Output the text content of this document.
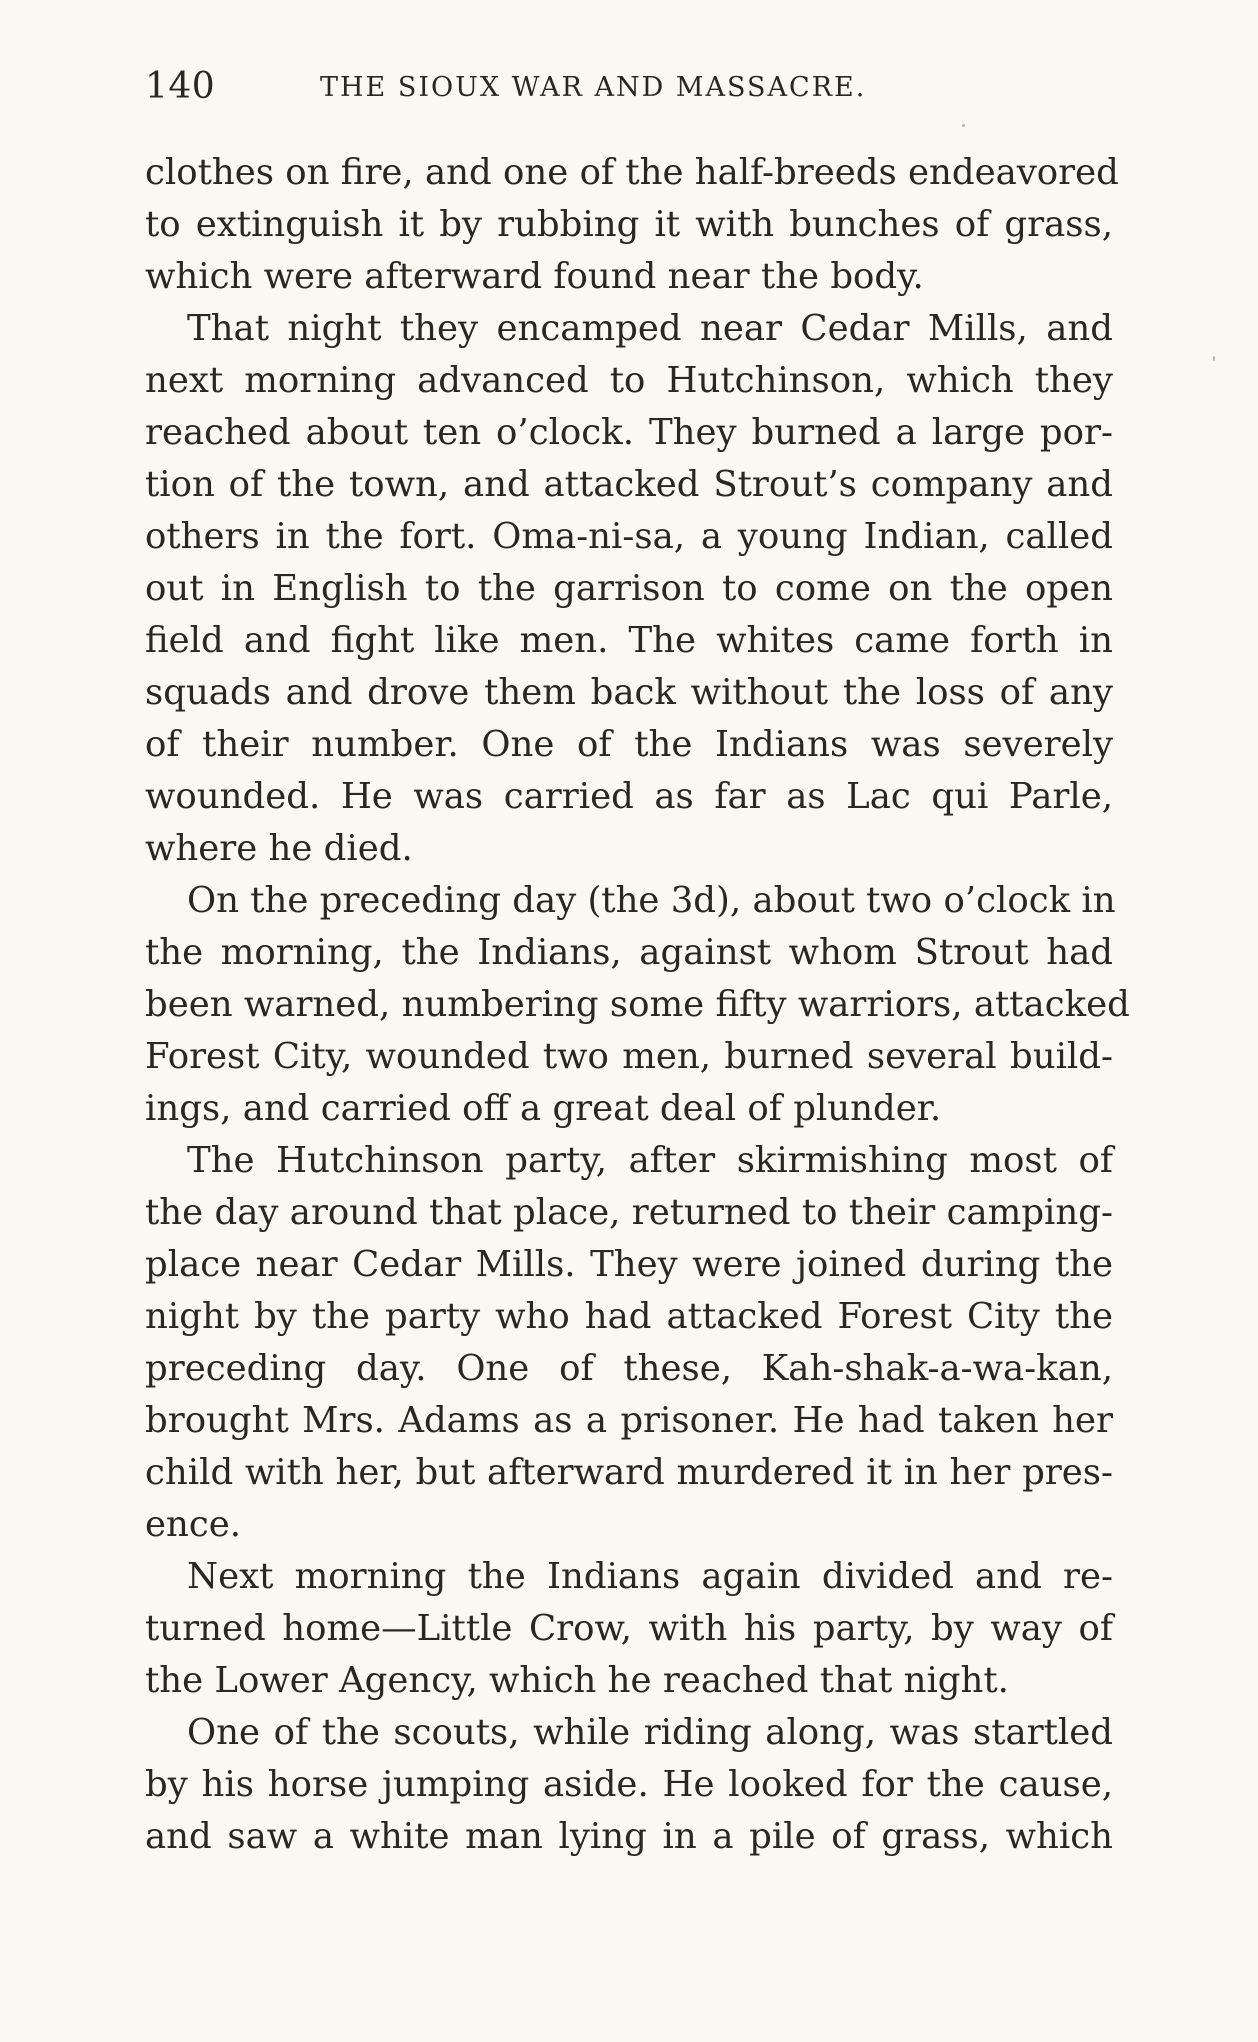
140	THE SIOUX WAR AND MASSACRE.
clothes on fire, and one of the half-breeds endeavored
to extinguish it by rubbing it with bunches of grass,
which were afterward found near the body.
That night they encamped near Cedar Mills, and
next morning advanced to Hutchinson, which they
reached about ten o’clock. They burned a large por-
tion of the town, and attacked Strout’s company and
others in the fort. Oma-ni-sa, a young Indian, called
out in English to the garrison to come on the open
field and fight like men. The whites came forth in
squads and drove them back without the loss of any
of their number. One of the Indians was severely
wounded. He was carried as far as Lac qui Parle,
where he died.
On the preceding day (the 3d), about two o’clock in
the morning, the Indians, against whom Strout had
been warned, numbering some fifty warriors, attacked
Forest City, wounded two men, burned several build-
ings, and carried off a great deal of plunder.
The Hutchinson party, after skirmishing most of
the day around that place, returned to their camping-
place near Cedar Mills. They were joined during the
night by the party who had attacked Forest City the
preceding day. One of these, Kah-shak-a-wa-kan,
brought Mrs. Adams as a prisoner. He had taken her
child with her, but afterward murdered it in her pres-
ence.
Next morning the Indians again divided and re-
turned home—Little Crow, with his party, by way of
the Lower Agency, which he reached that night.
One of the scouts, while riding along, was startled
by his horse jumping aside. He looked for the cause,
and saw a white man lying in a pile of grass, which
